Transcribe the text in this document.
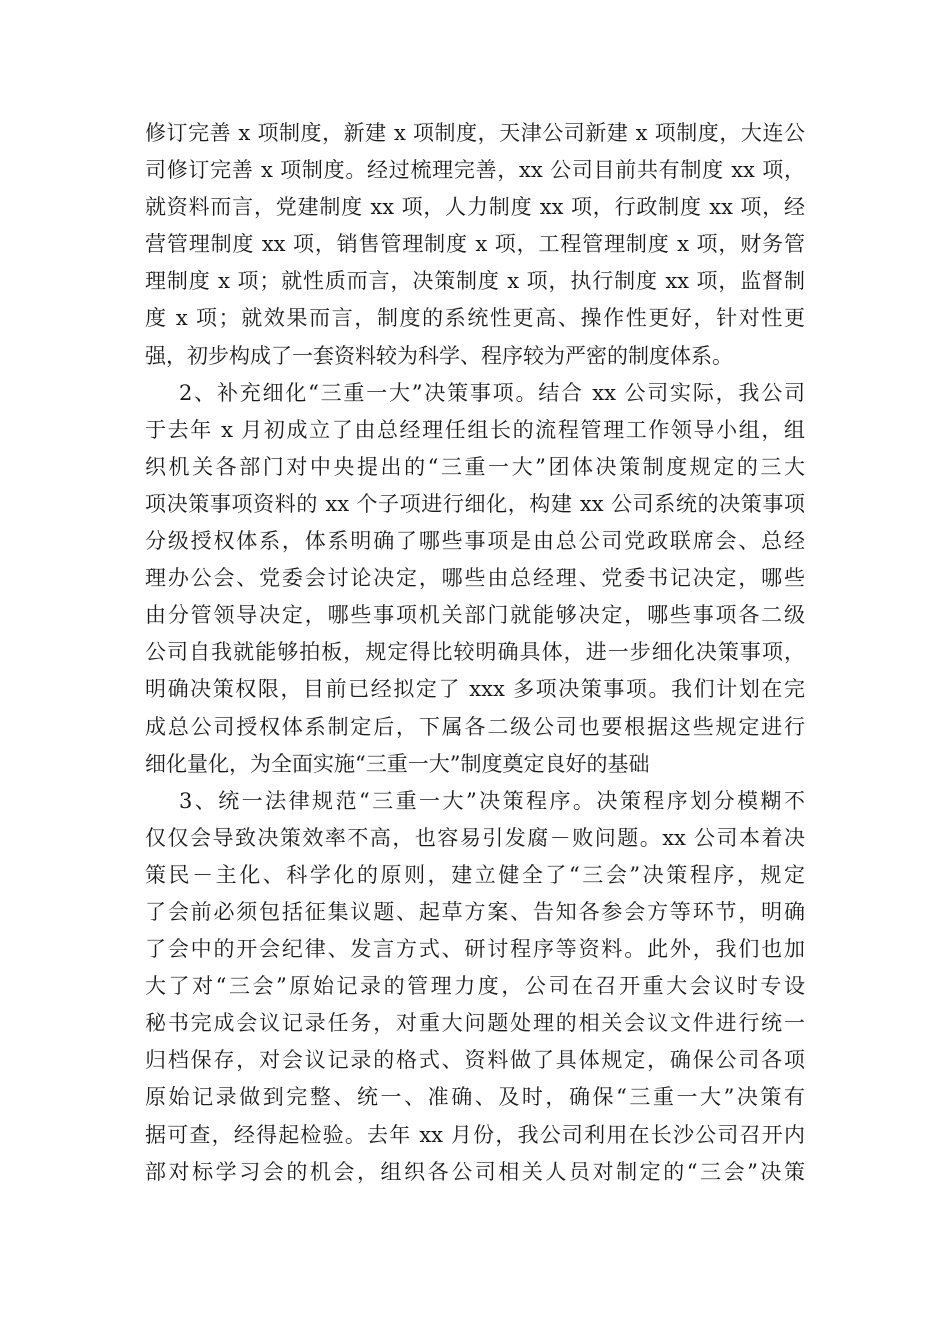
修订完善 x 项制度，新建 x 项制度，天津公司新建 x 项制度，大连公
司修订完善 x 项制度。经过梳理完善，xx 公司目前共有制度 xx 项，
就资料而言，党建制度 xx 项，人力制度 xx 项，行政制度 xx 项，经
营管理制度 xx 项，销售管理制度 x 项，工程管理制度 x 项，财务管
理制度 x 项；就性质而言，决策制度 x 项，执行制度 xx 项，监督制
度 x 项；就效果而言，制度的系统性更高、操作性更好，针对性更
强，初步构成了一套资料较为科学、程序较为严密的制度体系。
2、补充细化“三重一大”决策事项。结合 xx 公司实际，我公司
于去年 x 月初成立了由总经理任组长的流程管理工作领导小组，组
织机关各部门对中央提出的“三重一大”团体决策制度规定的三大
项决策事项资料的 xx 个子项进行细化，构建 xx 公司系统的决策事项
分级授权体系，体系明确了哪些事项是由总公司党政联席会、总经
理办公会、党委会讨论决定，哪些由总经理、党委书记决定，哪些
由分管领导决定，哪些事项机关部门就能够决定，哪些事项各二级
公司自我就能够拍板，规定得比较明确具体，进一步细化决策事项，
明确决策权限，目前已经拟定了 xxx 多项决策事项。我们计划在完
成总公司授权体系制定后，下属各二级公司也要根据这些规定进行
细化量化，为全面实施“三重一大”制度奠定良好的基础
3、统一法律规范“三重一大”决策程序。决策程序划分模糊不
仅仅会导致决策效率不高，也容易引发腐－败问题。xx 公司本着决
策民－主化、科学化的原则，建立健全了“三会”决策程序，规定
了会前必须包括征集议题、起草方案、告知各参会方等环节，明确
了会中的开会纪律、发言方式、研讨程序等资料。此外，我们也加
大了对“三会”原始记录的管理力度，公司在召开重大会议时专设
秘书完成会议记录任务，对重大问题处理的相关会议文件进行统一
归档保存，对会议记录的格式、资料做了具体规定，确保公司各项
原始记录做到完整、统一、准确、及时，确保“三重一大”决策有
据可查，经得起检验。去年 xx 月份，我公司利用在长沙公司召开内
部对标学习会的机会，组织各公司相关人员对制定的“三会”决策
